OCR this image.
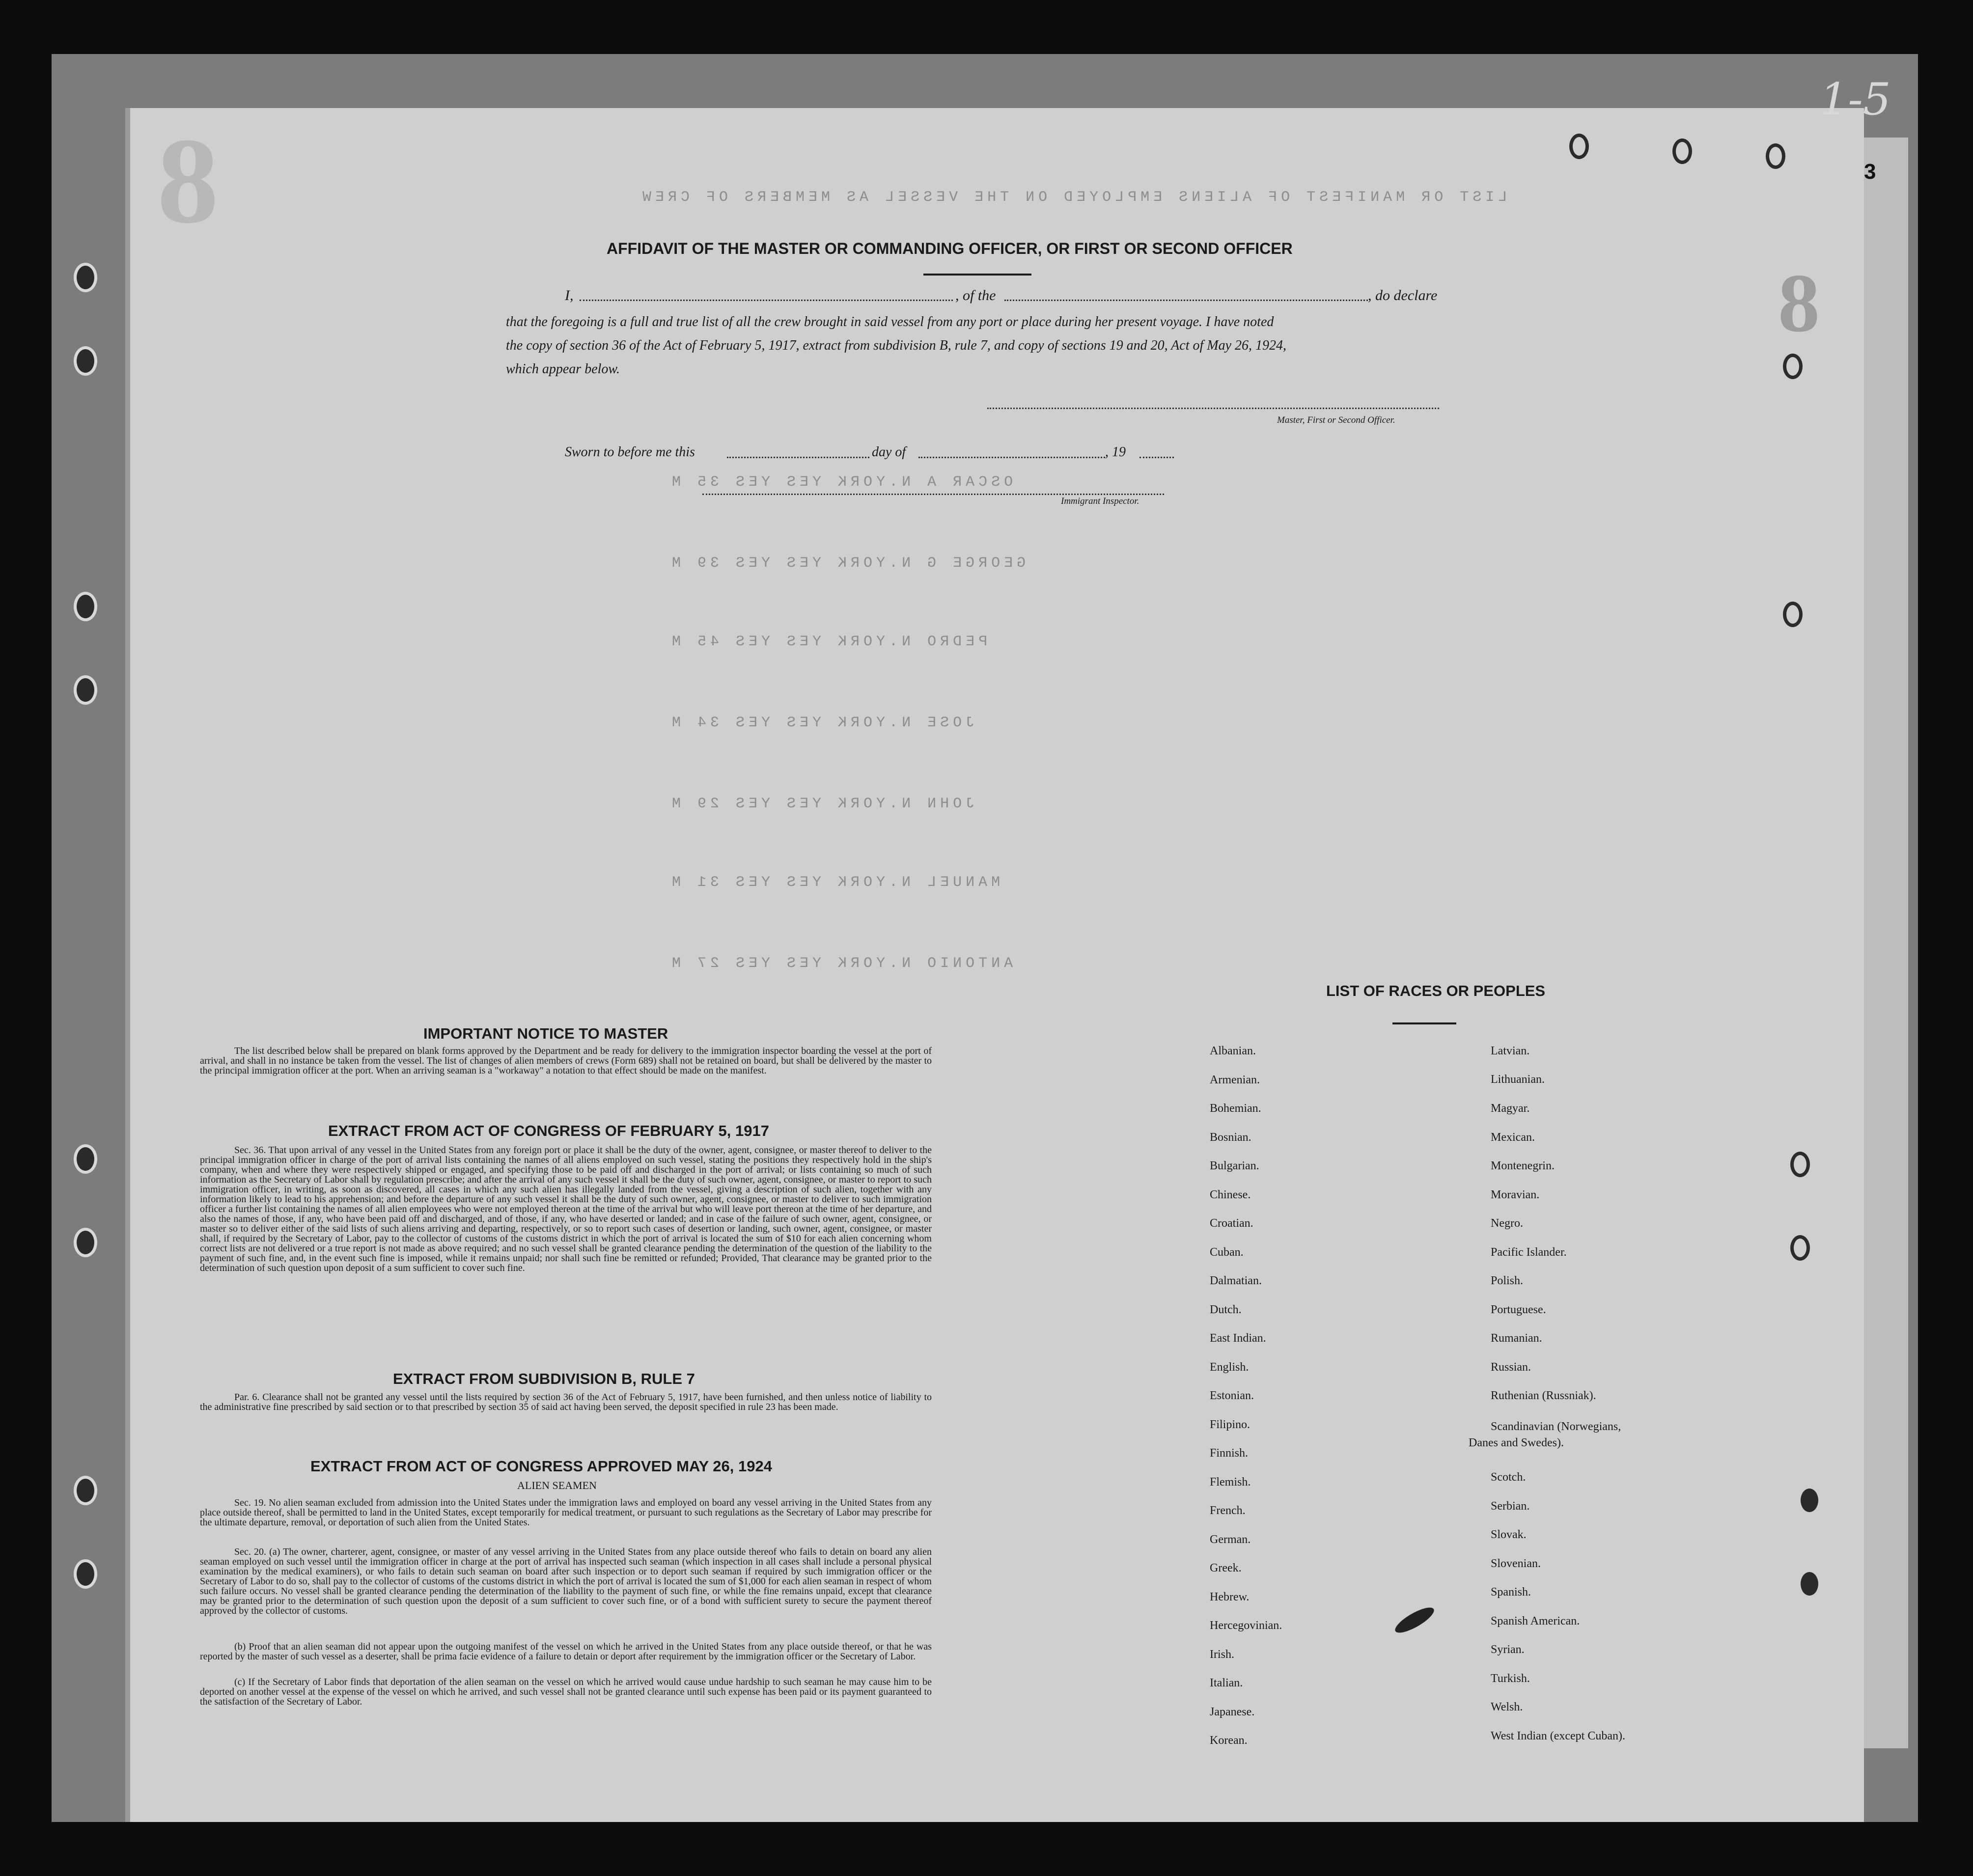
3
1-5
8
8
LIST OR MANIFEST OF ALIENS EMPLOYED ON THE VESSEL AS MEMBERS OF CREW
OSCAR A N.YORK YES YES 35 M
GEORGE G N.YORK YES YES 39 M
PEDRO N.YORK YES YES 45 M
JOSE N.YORK YES YES 34 M
JOHN N.YORK YES YES 29 M
MANUEL N.YORK YES YES 31 M
ANTONIO N.YORK YES YES 27 M
AFFIDAVIT OF THE MASTER OR COMMANDING OFFICER, OR FIRST OR SECOND OFFICER
I,	, of the	, do declare
that the foregoing is a full and true list of all the crew brought in said vessel from any port or place during her present voyage. I have noted
the copy of section 36 of the Act of February 5, 1917, extract from subdivision B, rule 7, and copy of sections 19 and 20, Act of May 26, 1924,
which appear below.
Master, First or Second Officer.
Sworn to before me this	day of	, 19
Immigrant Inspector.
IMPORTANT NOTICE TO MASTER
The list described below shall be prepared on blank forms approved by the Department and be ready for delivery to the immigration inspector boarding the vessel at the port of arrival, and shall in no instance be taken from the vessel. The list of changes of alien members of crews (Form 689) shall not be retained on board, but shall be delivered by the master to the principal immigration officer at the port. When an arriving seaman is a "workaway" a notation to that effect should be made on the manifest.
EXTRACT FROM ACT OF CONGRESS OF FEBRUARY 5, 1917
Sec. 36. That upon arrival of any vessel in the United States from any foreign port or place it shall be the duty of the owner, agent, consignee, or master thereof to deliver to the principal immigration officer in charge of the port of arrival lists containing the names of all aliens employed on such vessel, stating the positions they respectively hold in the ship's company, when and where they were respectively shipped or engaged, and specifying those to be paid off and discharged in the port of arrival; or lists containing so much of such information as the Secretary of Labor shall by regulation prescribe; and after the arrival of any such vessel it shall be the duty of such owner, agent, consignee, or master to report to such immigration officer, in writing, as soon as discovered, all cases in which any such alien has illegally landed from the vessel, giving a description of such alien, together with any information likely to lead to his apprehension; and before the departure of any such vessel it shall be the duty of such owner, agent, consignee, or master to deliver to such immigration officer a further list containing the names of all alien employees who were not employed thereon at the time of the arrival but who will leave port thereon at the time of her departure, and also the names of those, if any, who have been paid off and discharged, and of those, if any, who have deserted or landed; and in case of the failure of such owner, agent, consignee, or master so to deliver either of the said lists of such aliens arriving and departing, respectively, or so to report such cases of desertion or landing, such owner, agent, consignee, or master shall, if required by the Secretary of Labor, pay to the collector of customs of the customs district in which the port of arrival is located the sum of $10 for each alien concerning whom correct lists are not delivered or a true report is not made as above required; and no such vessel shall be granted clearance pending the determination of the question of the liability to the payment of such fine, and, in the event such fine is imposed, while it remains unpaid; nor shall such fine be remitted or refunded; Provided, That clearance may be granted prior to the determination of such question upon deposit of a sum sufficient to cover such fine.
EXTRACT FROM SUBDIVISION B, RULE 7
Par. 6. Clearance shall not be granted any vessel until the lists required by section 36 of the Act of February 5, 1917, have been furnished, and then unless notice of liability to the administrative fine prescribed by said section or to that prescribed by section 35 of said act having been served, the deposit specified in rule 23 has been made.
EXTRACT FROM ACT OF CONGRESS APPROVED MAY 26, 1924
ALIEN SEAMEN
Sec. 19. No alien seaman excluded from admission into the United States under the immigration laws and employed on board any vessel arriving in the United States from any place outside thereof, shall be permitted to land in the United States, except temporarily for medical treatment, or pursuant to such regulations as the Secretary of Labor may prescribe for the ultimate departure, removal, or deportation of such alien from the United States.
Sec. 20. (a) The owner, charterer, agent, consignee, or master of any vessel arriving in the United States from any place outside thereof who fails to detain on board any alien seaman employed on such vessel until the immigration officer in charge at the port of arrival has inspected such seaman (which inspection in all cases shall include a personal physical examination by the medical examiners), or who fails to detain such seaman on board after such inspection or to deport such seaman if required by such immigration officer or the Secretary of Labor to do so, shall pay to the collector of customs of the customs district in which the port of arrival is located the sum of $1,000 for each alien seaman in respect of whom such failure occurs. No vessel shall be granted clearance pending the determination of the liability to the payment of such fine, or while the fine remains unpaid, except that clearance may be granted prior to the determination of such question upon the deposit of a sum sufficient to cover such fine, or of a bond with sufficient surety to secure the payment thereof approved by the collector of customs.
(b) Proof that an alien seaman did not appear upon the outgoing manifest of the vessel on which he arrived in the United States from any place outside thereof, or that he was reported by the master of such vessel as a deserter, shall be prima facie evidence of a failure to detain or deport after requirement by the immigration officer or the Secretary of Labor.
(c) If the Secretary of Labor finds that deportation of the alien seaman on the vessel on which he arrived would cause undue hardship to such seaman he may cause him to be deported on another vessel at the expense of the vessel on which he arrived, and such vessel shall not be granted clearance until such expense has been paid or its payment guaranteed to the satisfaction of the Secretary of Labor.
LIST OF RACES OR PEOPLES
Albanian.
Armenian.
Bohemian.
Bosnian.
Bulgarian.
Chinese.
Croatian.
Cuban.
Dalmatian.
Dutch.
East Indian.
English.
Estonian.
Filipino.
Finnish.
Flemish.
French.
German.
Greek.
Hebrew.
Hercegovinian.
Irish.
Italian.
Japanese.
Korean.
Latvian.
Lithuanian.
Magyar.
Mexican.
Montenegrin.
Moravian.
Negro.
Pacific Islander.
Polish.
Portuguese.
Rumanian.
Russian.
Ruthenian (Russniak).
Scandinavian (Norwegians,
Danes and Swedes).
Scotch.
Serbian.
Slovak.
Slovenian.
Spanish.
Spanish American.
Syrian.
Turkish.
Welsh.
West Indian (except Cuban).
